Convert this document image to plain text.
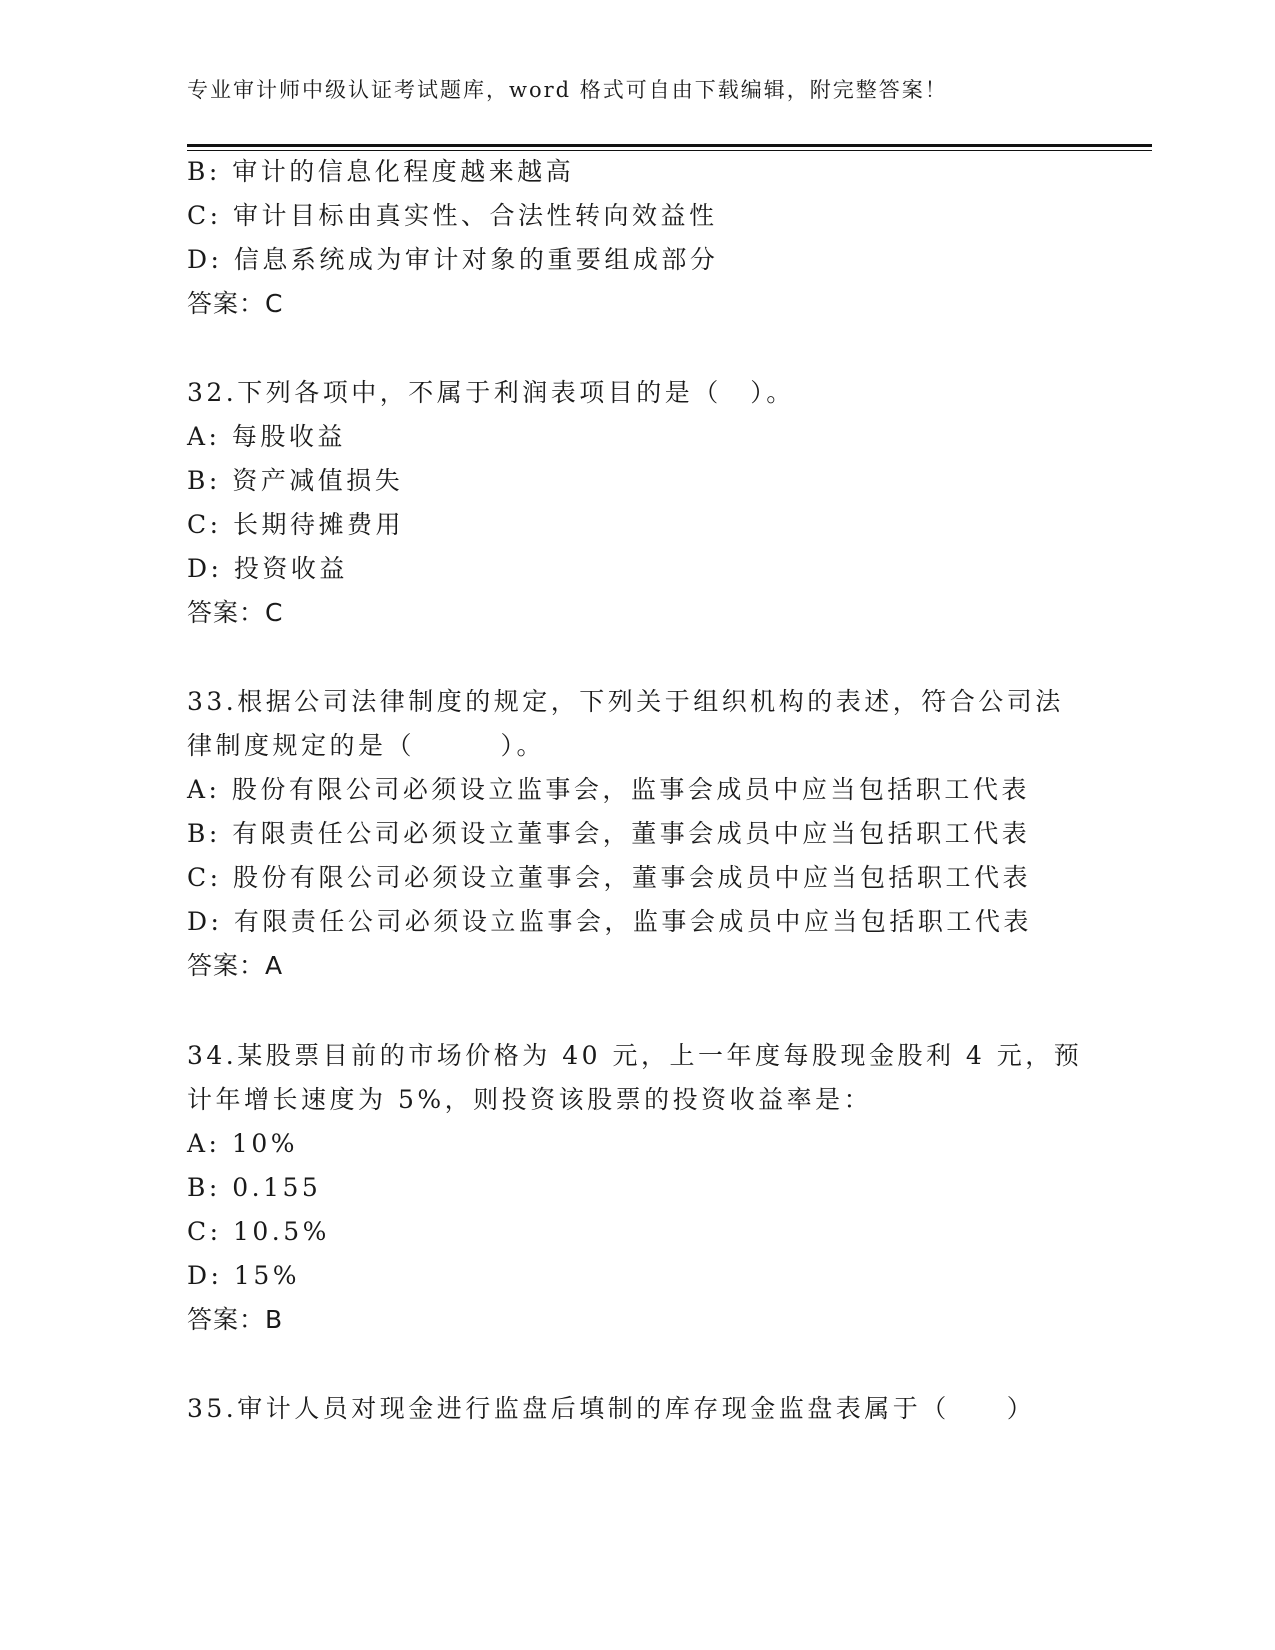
专业审计师中级认证考试题库，word 格式可自由下载编辑，附完整答案！
B: 审计的信息化程度越来越高
C: 审计目标由真实性、合法性转向效益性
D: 信息系统成为审计对象的重要组成部分
答案：C
32.下列各项中，不属于利润表项目的是（　）。
A: 每股收益
B: 资产减值损失
C: 长期待摊费用
D: 投资收益
答案：C
33.根据公司法律制度的规定，下列关于组织机构的表述，符合公司法
律制度规定的是（　　　）。
A: 股份有限公司必须设立监事会，监事会成员中应当包括职工代表
B: 有限责任公司必须设立董事会，董事会成员中应当包括职工代表
C: 股份有限公司必须设立董事会，董事会成员中应当包括职工代表
D: 有限责任公司必须设立监事会，监事会成员中应当包括职工代表
答案：A
34.某股票目前的市场价格为 40 元，上一年度每股现金股利 4 元，预
计年增长速度为 5%，则投资该股票的投资收益率是：
A: 10%
B: 0.155
C: 10.5%
D: 15%
答案：B
35.审计人员对现金进行监盘后填制的库存现金监盘表属于（　　）
